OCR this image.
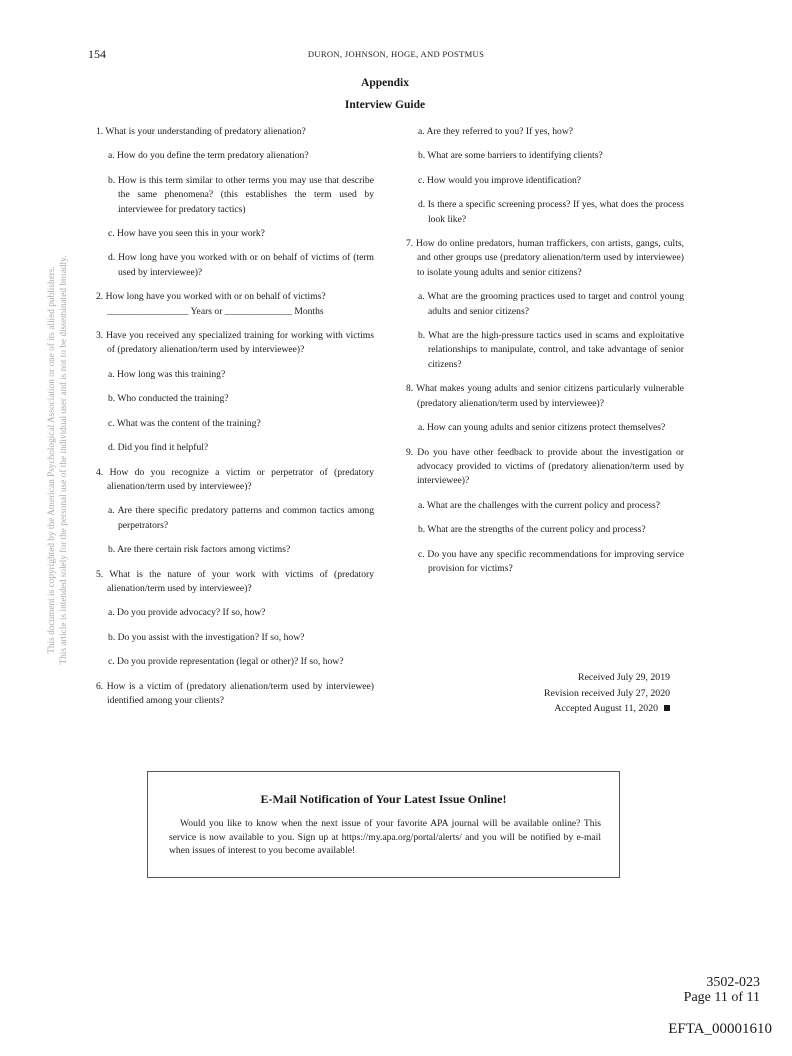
154	DURON, JOHNSON, HOGE, AND POSTMUS
Appendix
Interview Guide
This document is copyrighted by the American Psychological Association or one of its allied publishers. This article is intended solely for the personal use of the individual user and is not to be disseminated broadly.

1. What is your understanding of predatory alienation?

a. How do you define the term predatory alienation?

b. How is this term similar to other terms you may use that describe the same phenomena? (this establishes the term used by interviewee for predatory tactics)

c. How have you seen this in your work?

d. How long have you worked with or on behalf of victims of (term used by interviewee)?

2. How long have you worked with or on behalf of victims?

_________________ Years or ______________ Months

3. Have you received any specialized training for working with victims of (predatory alienation/term used by interviewee)?

a. How long was this training?

b. Who conducted the training?

c. What was the content of the training?

d. Did you find it helpful?

4. How do you recognize a victim or perpetrator of (predatory alienation/term used by interviewee)?

a. Are there specific predatory patterns and common tactics among perpetrators?

b. Are there certain risk factors among victims?

5. What is the nature of your work with victims of (predatory alienation/term used by interviewee)?

a. Do you provide advocacy? If so, how?

b. Do you assist with the investigation? If so, how?

c. Do you provide representation (legal or other)? If so, how?

6. How is a victim of (predatory alienation/term used by interviewee) identified among your clients?

a. Are they referred to you? If yes, how?

b. What are some barriers to identifying clients?

c. How would you improve identification?

d. Is there a specific screening process? If yes, what does the process look like?

7. How do online predators, human traffickers, con artists, gangs, cults, and other groups use (predatory alienation/term used by interviewee) to isolate young adults and senior citizens?

a. What are the grooming practices used to target and control young adults and senior citizens?

b. What are the high-pressure tactics used in scams and exploitative relationships to manipulate, control, and take advantage of senior citizens?

8. What makes young adults and senior citizens particularly vulnerable (predatory alienation/term used by interviewee)?

a. How can young adults and senior citizens protect themselves?

9. Do you have other feedback to provide about the investigation or advocacy provided to victims of (predatory alienation/term used by interviewee)?

a. What are the challenges with the current policy and process?

b. What are the strengths of the current policy and process?

c. Do you have any specific recommendations for improving service provision for victims?

Received July 29, 2019
Revision received July 27, 2020
Accepted August 11, 2020
E-Mail Notification of Your Latest Issue Online!
Would you like to know when the next issue of your favorite APA journal will be available online? This service is now available to you. Sign up at https://my.apa.org/portal/alerts/ and you will be notified by e-mail when issues of interest to you become available!
3502-023
Page 11 of 11
EFTA_00001610
